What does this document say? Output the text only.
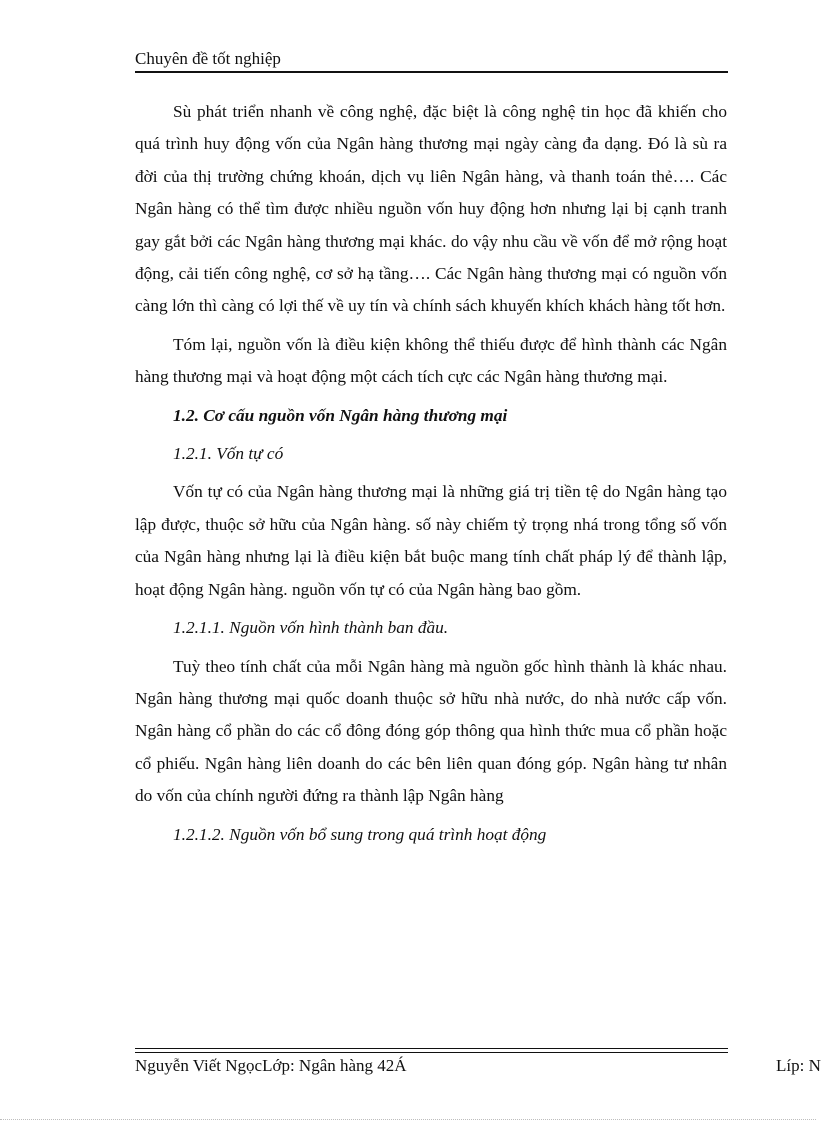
Chuyên đề tốt nghiệp

Sù phát triển nhanh về công nghệ, đặc biệt là công nghệ tin học đã khiến cho quá trình huy động vốn của Ngân hàng thương mại ngày càng đa dạng. Đó là sù ra đời của thị trường chứng khoán, dịch vụ liên Ngân hàng, và thanh toán thẻ…. Các Ngân hàng có thể tìm được nhiều nguồn vốn huy động hơn nhưng lại bị cạnh tranh gay gắt bởi các Ngân hàng thương mại khác. do vậy nhu cầu về vốn để mở rộng hoạt động, cải tiến công nghệ, cơ sở hạ tầng…. Các Ngân hàng thương mại có nguồn vốn càng lớn thì càng có lợi thế về uy tín và chính sách khuyến khích khách hàng tốt hơn.

Tóm lại, nguồn vốn là điều kiện không thể thiếu được để hình thành các Ngân hàng thương mại và hoạt động một cách tích cực các Ngân hàng thương mại.

1.2. Cơ cấu nguồn vốn Ngân hàng thương mại

1.2.1. Vốn tự có

Vốn tự có của Ngân hàng thương mại là những giá trị tiền tệ do Ngân hàng tạo lập được, thuộc sở hữu của Ngân hàng. số này chiếm tỷ trọng nhá trong tổng số vốn của Ngân hàng nhưng lại là điều kiện bắt buộc mang tính chất pháp lý để thành lập, hoạt động Ngân hàng. nguồn vốn tự có của Ngân hàng bao gồm.

1.2.1.1. Nguồn vốn hình thành ban đầu.

Tuỳ theo tính chất của mỗi Ngân hàng mà nguồn gốc hình thành là khác nhau. Ngân hàng thương mại quốc doanh thuộc sở hữu nhà nước, do nhà nước cấp vốn. Ngân hàng cổ phần do các cổ đông đóng góp thông qua hình thức mua cổ phần hoặc cổ phiếu. Ngân hàng liên doanh do các bên liên quan đóng góp. Ngân hàng tư nhân do vốn của chính người đứng ra thành lập Ngân hàng

1.2.1.2. Nguồn vốn bổ sung trong quá trình hoạt động

Nguyễn Viết NgọcLớp: Ngân hàng 42Á	Líp: N
